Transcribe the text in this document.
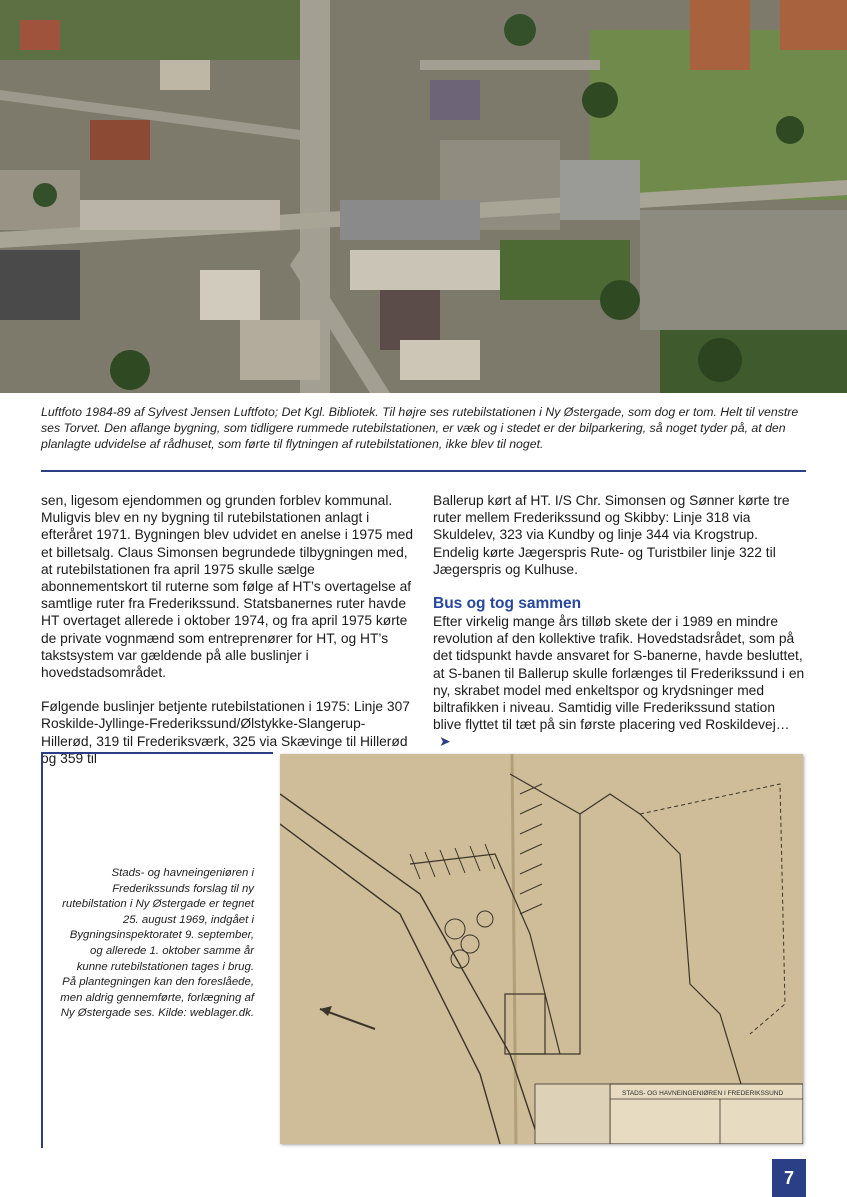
Luftfoto 1984-89 af Sylvest Jensen Luftfoto; Det Kgl. Bibliotek. Til højre ses rutebilstationen i Ny Østergade, som dog er tom. Helt til venstre ses Torvet. Den aflange bygning, som tidligere rummede rutebilstationen, er væk og i stedet er der bilparkering, så noget tyder på, at den planlagte udvidelse af rådhuset, som førte til flytningen af rutebilstationen, ikke blev til noget.

sen, ligesom ejendommen og grunden forblev kommunal. Muligvis blev en ny bygning til rutebilstationen anlagt i efteråret 1971. Bygningen blev udvidet en anelse i 1975 med et billetsalg. Claus Simonsen begrundede tilbygningen med, at rutebilstationen fra april 1975 skulle sælge abonnementskort til ruterne som følge af HT’s overtagelse af samtlige ruter fra Frederikssund. Statsbanernes ruter havde HT overtaget allerede i oktober 1974, og fra april 1975 kørte de private vognmænd som entreprenører for HT, og HT’s takstsystem var gældende på alle buslinjer i hovedstadsområdet.

Følgende buslinjer betjente rutebilstationen i 1975: Linje 307 Roskilde-Jyllinge-Frederikssund/Ølstykke-Slangerup-Hillerød, 319 til Frederiksværk, 325 via Skævinge til Hillerød og 359 til

Ballerup kørt af HT. I/S Chr. Simonsen og Sønner kørte tre ruter mellem Frederikssund og Skibby: Linje 318 via Skuldelev, 323 via Kundby og linje 344 via Krogstrup. Endelig kørte Jægerspris Rute- og Turistbiler linje 322 til Jægerspris og Kulhuse.

Bus og tog sammen

Efter virkelig mange års tilløb skete der i 1989 en mindre revolution af den kollektive trafik. Hovedstadsrådet, som på det tidspunkt havde ansvaret for S-banerne, havde besluttet, at S-banen til Ballerup skulle forlænges til Frederikssund i en ny, skrabet model med enkeltspor og krydsninger med biltrafikken i niveau. Samtidig ville Frederikssund station blive flyttet til tæt på sin første placering ved Roskildevej…➤

Stads- og havneingeniøren i Frederikssunds forslag til ny rutebilstation i Ny Østergade er tegnet 25. august 1969, indgået i Bygningsinspektoratet 9. september, og allerede 1. oktober samme år kunne rutebilstationen tages i brug. På plantegningen kan den foreslåede, men aldrig gennemførte, forlægning af Ny Østergade ses. Kilde: weblager.dk.

STADS- OG HAVNEINGENIØREN I FREDERIKSSUND
7
